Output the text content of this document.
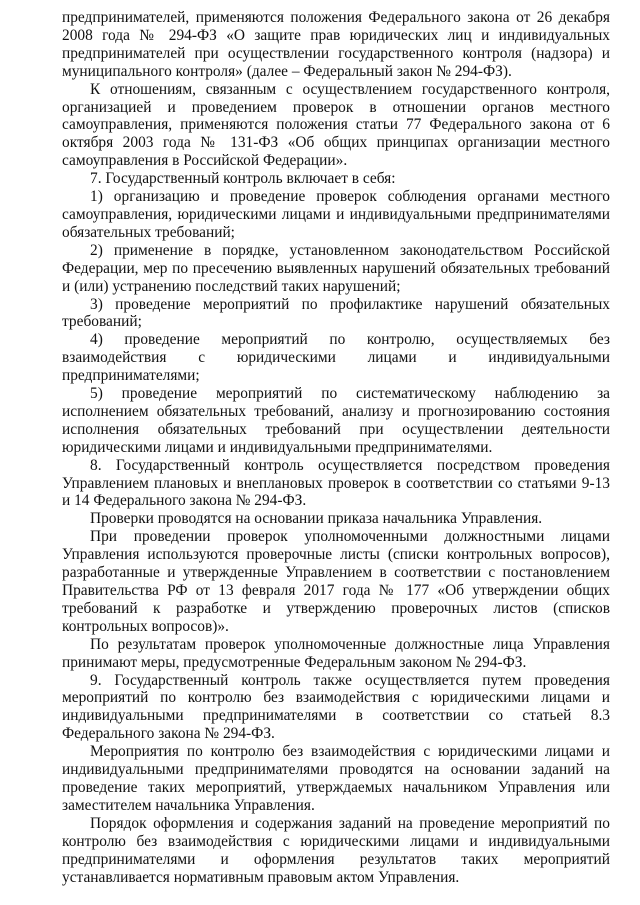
предпринимателей, применяются положения Федерального закона от 26 декабря 2008 года № 294-ФЗ «О защите прав юридических лиц и индивидуальных предпринимателей при осуществлении государственного контроля (надзора) и муниципального контроля» (далее – Федеральный закон № 294-ФЗ).

К отношениям, связанным с осуществлением государственного контроля, организацией и проведением проверок в отношении органов местного самоуправления, применяются положения статьи 77 Федерального закона от 6 октября 2003 года № 131-ФЗ «Об общих принципах организации местного самоуправления в Российской Федерации».

7. Государственный контроль включает в себя:

1) организацию и проведение проверок соблюдения органами местного самоуправления, юридическими лицами и индивидуальными предпринимателями обязательных требований;

2) применение в порядке, установленном законодательством Российской Федерации, мер по пресечению выявленных нарушений обязательных требований и (или) устранению последствий таких нарушений;

3) проведение мероприятий по профилактике нарушений обязательных требований;

4) проведение мероприятий по контролю, осуществляемых без взаимодействия с юридическими лицами и индивидуальными предпринимателями;

5) проведение мероприятий по систематическому наблюдению за исполнением обязательных требований, анализу и прогнозированию состояния исполнения обязательных требований при осуществлении деятельности юридическими лицами и индивидуальными предпринимателями.

8. Государственный контроль осуществляется посредством проведения Управлением плановых и внеплановых проверок в соответствии со статьями 9-13 и 14 Федерального закона № 294-ФЗ.

Проверки проводятся на основании приказа начальника Управления.

При проведении проверок уполномоченными должностными лицами Управления используются проверочные листы (списки контрольных вопросов), разработанные и утвержденные Управлением в соответствии с постановлением Правительства РФ от 13 февраля 2017 года № 177 «Об утверждении общих требований к разработке и утверждению проверочных листов (списков контрольных вопросов)».

По результатам проверок уполномоченные должностные лица Управления принимают меры, предусмотренные Федеральным законом № 294-ФЗ.

9. Государственный контроль также осуществляется путем проведения мероприятий по контролю без взаимодействия с юридическими лицами и индивидуальными предпринимателями в соответствии со статьей 8.3 Федерального закона № 294-ФЗ.

Мероприятия по контролю без взаимодействия с юридическими лицами и индивидуальными предпринимателями проводятся на основании заданий на проведение таких мероприятий, утверждаемых начальником Управления или заместителем начальника Управления.

Порядок оформления и содержания заданий на проведение мероприятий по контролю без взаимодействия с юридическими лицами и индивидуальными предпринимателями и оформления результатов таких мероприятий устанавливается нормативным правовым актом Управления.
